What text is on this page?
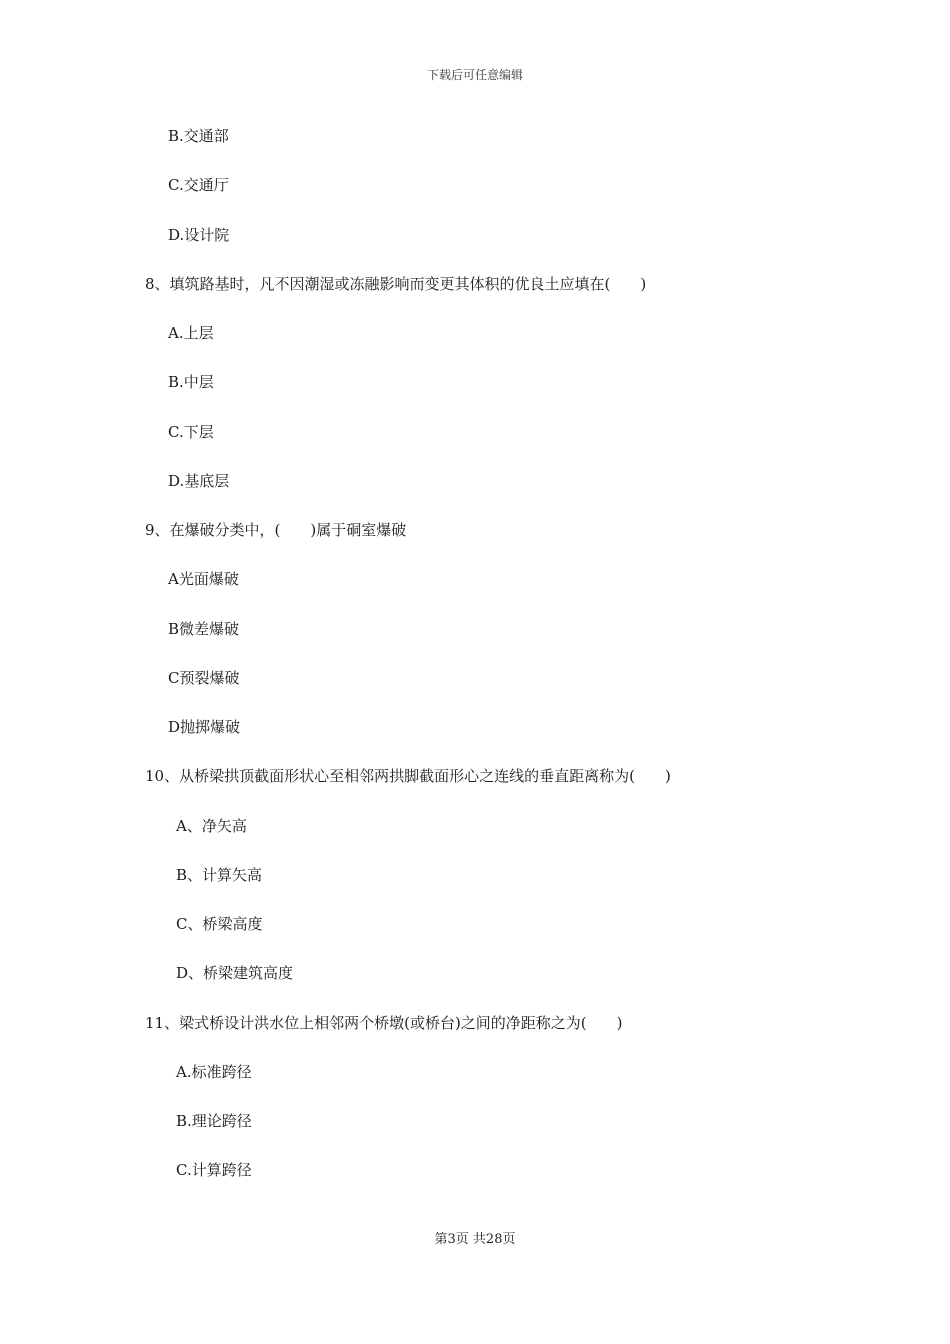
下载后可任意编辑
B.交通部
C.交通厅
D.设计院
8、填筑路基时，凡不因潮湿或冻融影响而变更其体积的优良土应填在(　　)
A.上层
B.中层
C.下层
D.基底层
9、在爆破分类中，(　　)属于硐室爆破
A光面爆破
B微差爆破
C预裂爆破
D抛掷爆破
10、从桥梁拱顶截面形状心至相邻两拱脚截面形心之连线的垂直距离称为(　　)
A、净矢高
B、计算矢高
C、桥梁高度
D、桥梁建筑高度
11、梁式桥设计洪水位上相邻两个桥墩(或桥台)之间的净距称之为(　　)
A.标准跨径
B.理论跨径
C.计算跨径
第3页 共28页
